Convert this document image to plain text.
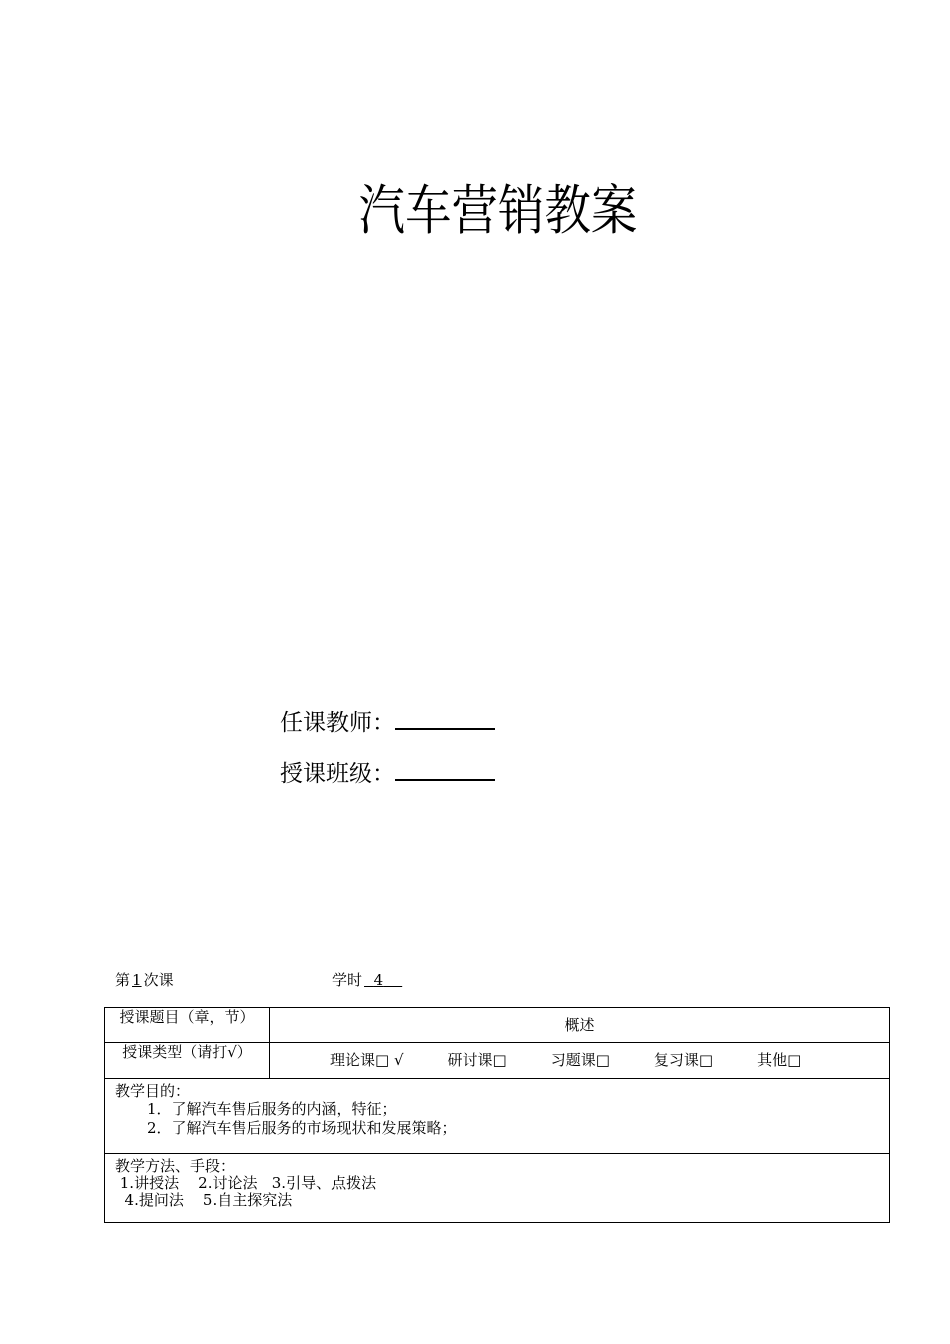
汽车营销教案
任课教师：
授课班级：
第 1 次课	学时 4
授课题目（章，节）	概述
授课类型（请打√）	理论课□ √ 研讨课□ 习题课□ 复习课□ 其他□

教学目的：
1．了解汽车售后服务的内涵，特征；
2．了解汽车售后服务的市场现状和发展策略；	

教学方法、手段：
1.讲授法    2.讨论法   3.引导、点拨法
4.提问法    5.自主探究法	
